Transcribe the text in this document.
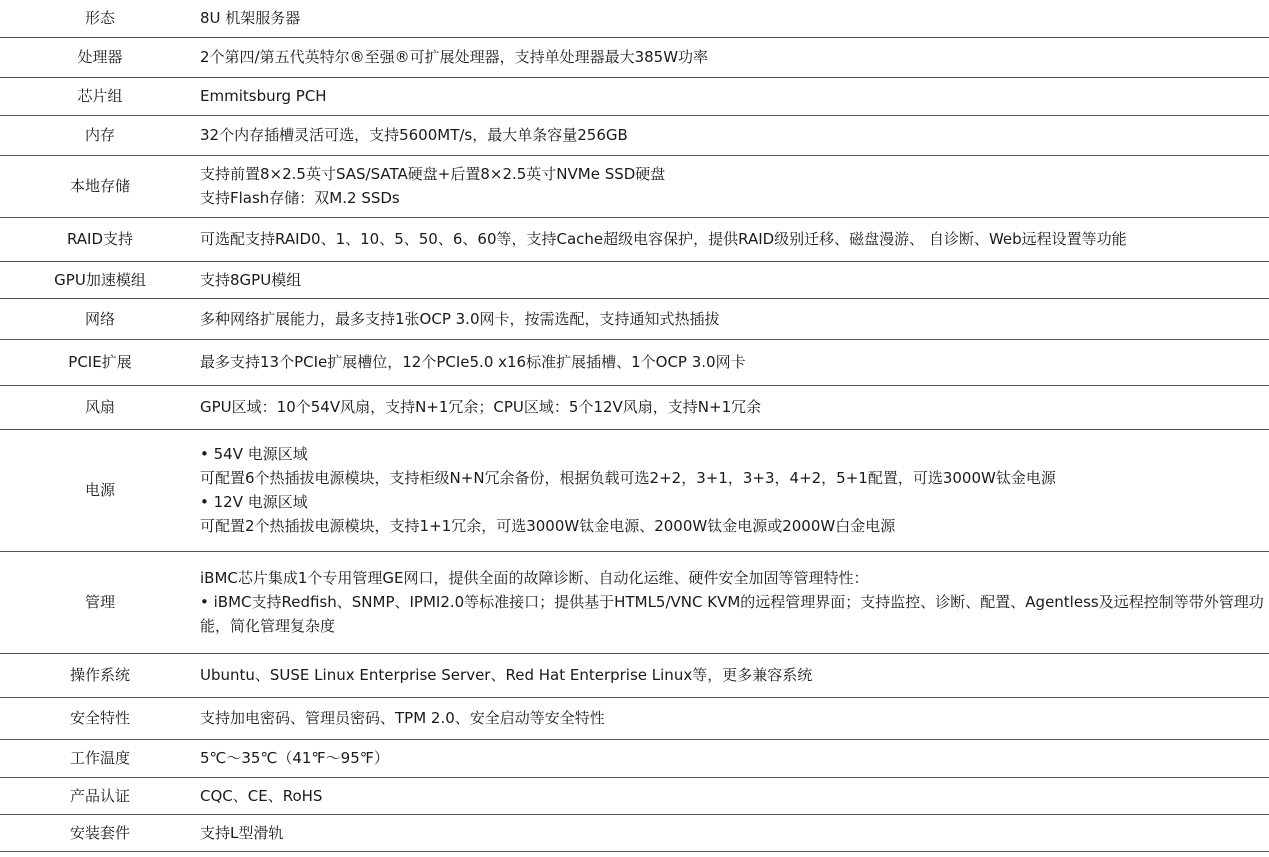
形态	8U 机架服务器

处理器	2个第四/第五代英特尔®至强®可扩展处理器，支持单处理器最大385W功率

芯片组	Emmitsburg PCH

内存	32个内存插槽灵活可选，支持5600MT/s，最大单条容量256GB

本地存储	支持前置8×2.5英寸SAS/SATA硬盘+后置8×2.5英寸NVMe SSD硬盘
支持Flash存储：双M.2 SSDs

RAID支持	可选配支持RAID0、1、10、5、50、6、60等，支持Cache超级电容保护，提供RAID级别迁移、磁盘漫游、 自诊断、Web远程设置等功能

GPU加速模组	支持8GPU模组

网络	多种网络扩展能力，最多支持1张OCP 3.0网卡，按需选配，支持通知式热插拔

PCIE扩展	最多支持13个PCIe扩展槽位，12个PCIe5.0 x16标准扩展插槽、1个OCP 3.0网卡

风扇	GPU区域：10个54V风扇，支持N+1冗余；CPU区域：5个12V风扇，支持N+1冗余

电源	• 54V 电源区域
可配置6个热插拔电源模块，支持柜级N+N冗余备份，根据负载可选2+2，3+1，3+3，4+2，5+1配置，可选3000W钛金电源
• 12V 电源区域
可配置2个热插拔电源模块，支持1+1冗余，可选3000W钛金电源、2000W钛金电源或2000W白金电源

管理	iBMC芯片集成1个专用管理GE网口，提供全面的故障诊断、自动化运维、硬件安全加固等管理特性：
• iBMC支持Redfish、SNMP、IPMI2.0等标准接口；提供基于HTML5/VNC KVM的远程管理界面；支持监控、诊断、配置、Agentless及远程控制等带外管理功能，简化管理复杂度

操作系统	Ubuntu、SUSE Linux Enterprise Server、Red Hat Enterprise Linux等，更多兼容系统

安全特性	支持加电密码、管理员密码、TPM 2.0、安全启动等安全特性

工作温度	5℃～35℃（41℉～95℉）

产品认证	CQC、CE、RoHS

安装套件	支持L型滑轨
